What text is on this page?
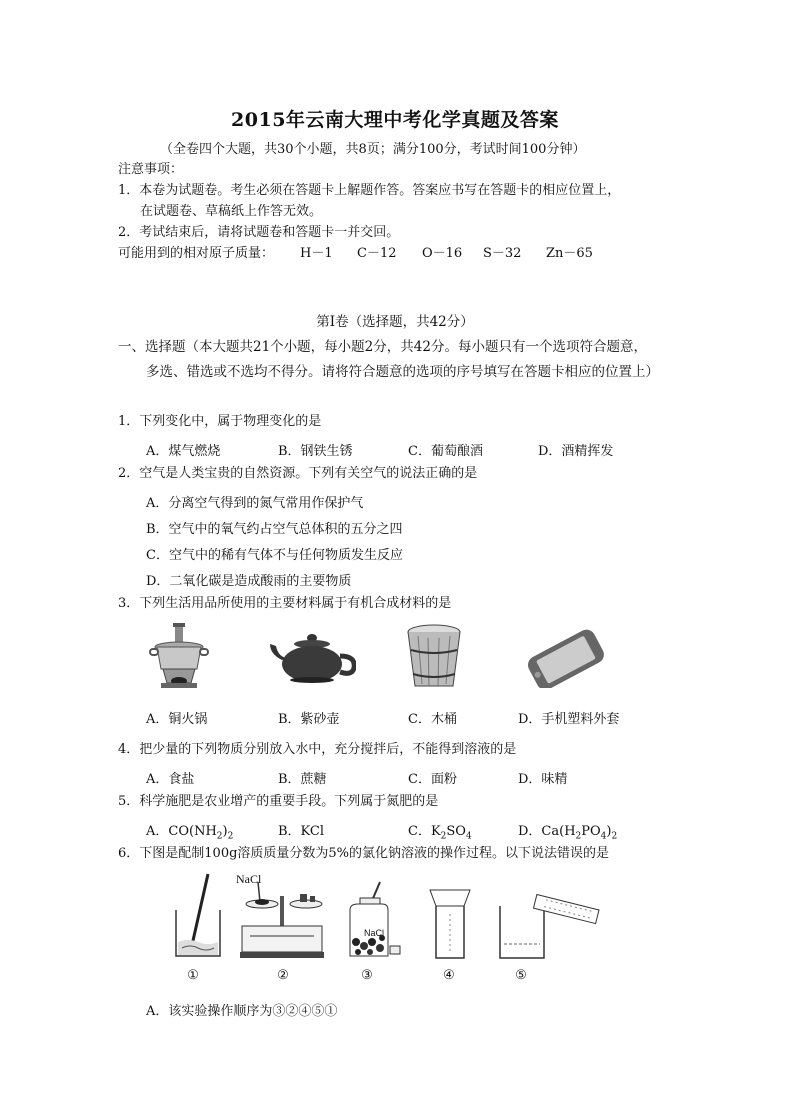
2015年云南大理中考化学真题及答案
（全卷四个大题，共30个小题，共8页；满分100分，考试时间100分钟）
注意事项：
1．本卷为试题卷。考生必须在答题卡上解题作答。答案应书写在答题卡的相应位置上，
在试题卷、草稿纸上作答无效。
2．考试结束后，请将试题卷和答题卡一并交回。
可能用到的相对原子质量： H－1 C－12 O－16 S－32 Zn－65
第Ⅰ卷（选择题，共42分）
一、选择题（本大题共21个小题，每小题2分，共42分。每小题只有一个选项符合题意，
多选、错选或不选均不得分。请将符合题意的选项的序号填写在答题卡相应的位置上）
1．下列变化中，属于物理变化的是
A．煤气燃烧	B．钢铁生锈	C．葡萄酿酒	D．酒精挥发
2．空气是人类宝贵的自然资源。下列有关空气的说法正确的是
A．分离空气得到的氮气常用作保护气
B．空气中的氧气约占空气总体积的五分之四
C．空气中的稀有气体不与任何物质发生反应
D．二氧化碳是造成酸雨的主要物质
3．下列生活用品所使用的主要材料属于有机合成材料的是
A．铜火锅	B．紫砂壶	C．木桶	D．手机塑料外套
4．把少量的下列物质分别放入水中，充分搅拌后，不能得到溶液的是
A．食盐	B．蔗糖	C．面粉	D．味精
5．科学施肥是农业增产的重要手段。下列属于氮肥的是
A．$CO(NH_2)_2$	B．KCl	C．$K_2SO_4$	D．$Ca(H_2PO_4)_2$
6．下图是配制100g溶质质量分数为5%的氯化钠溶液的操作过程。以下说法错误的是
NaCl
NaCl
①	②	③	④	⑤
A．该实验操作顺序为③②④⑤①
